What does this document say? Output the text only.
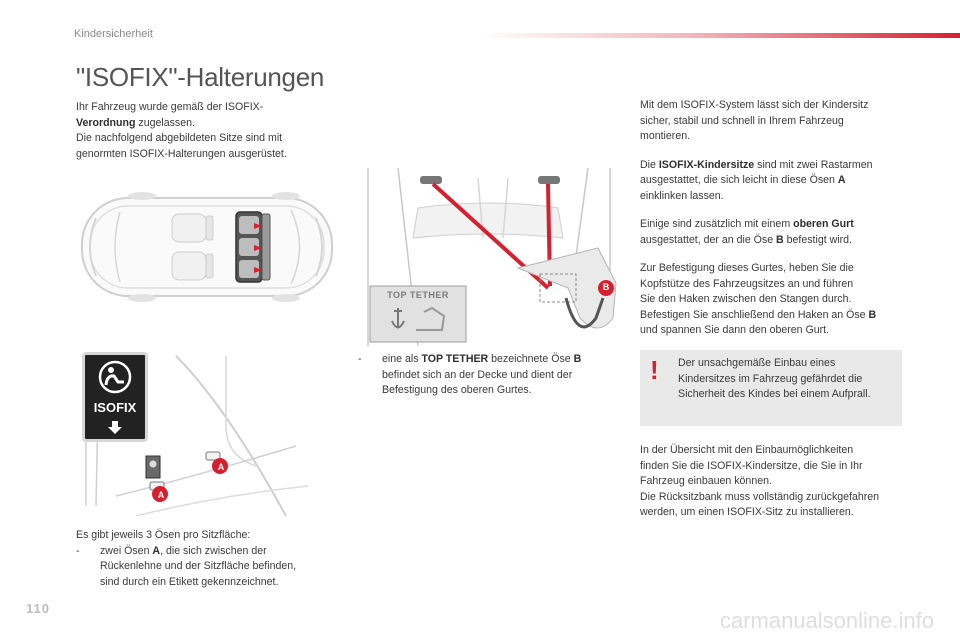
Kindersicherheit
"ISOFIX"-Halterungen
Ihr Fahrzeug wurde gemäß der ISOFIX-
Verordnung zugelassen.
Die nachfolgend abgebildeten Sitze sind mit
genormten ISOFIX-Halterungen ausgerüstet.
A
A
ISOFIX
Es gibt jeweils 3 Ösen pro Sitzfläche:
- zwei Ösen A, die sich zwischen der
Rückenlehne und der Sitzfläche befinden,
sind durch ein Etikett gekennzeichnet.
TOP TETHER
B
- eine als TOP TETHER bezeichnete Öse B
befindet sich an der Decke und dient der
Befestigung des oberen Gurtes.
Mit dem ISOFIX-System lässt sich der Kindersitz
sicher, stabil und schnell in Ihrem Fahrzeug
montieren.
Die ISOFIX-Kindersitze sind mit zwei Rastarmen
ausgestattet, die sich leicht in diese Ösen A
einklinken lassen.
Einige sind zusätzlich mit einem oberen Gurt
ausgestattet, der an die Öse B befestigt wird.
Zur Befestigung dieses Gurtes, heben Sie die
Kopfstütze des Fahrzeugsitzes an und führen
Sie den Haken zwischen den Stangen durch.
Befestigen Sie anschließend den Haken an Öse B
und spannen Sie dann den oberen Gurt.
! Der unsachgemäße Einbau eines
Kindersitzes im Fahrzeug gefährdet die
Sicherheit des Kindes bei einem Aufprall.
In der Übersicht mit den Einbaumöglichkeiten
finden Sie die ISOFIX-Kindersitze, die Sie in Ihr
Fahrzeug einbauen können.
Die Rücksitzbank muss vollständig zurückgefahren
werden, um einen ISOFIX-Sitz zu installieren.
110	carmanualsonline.info
